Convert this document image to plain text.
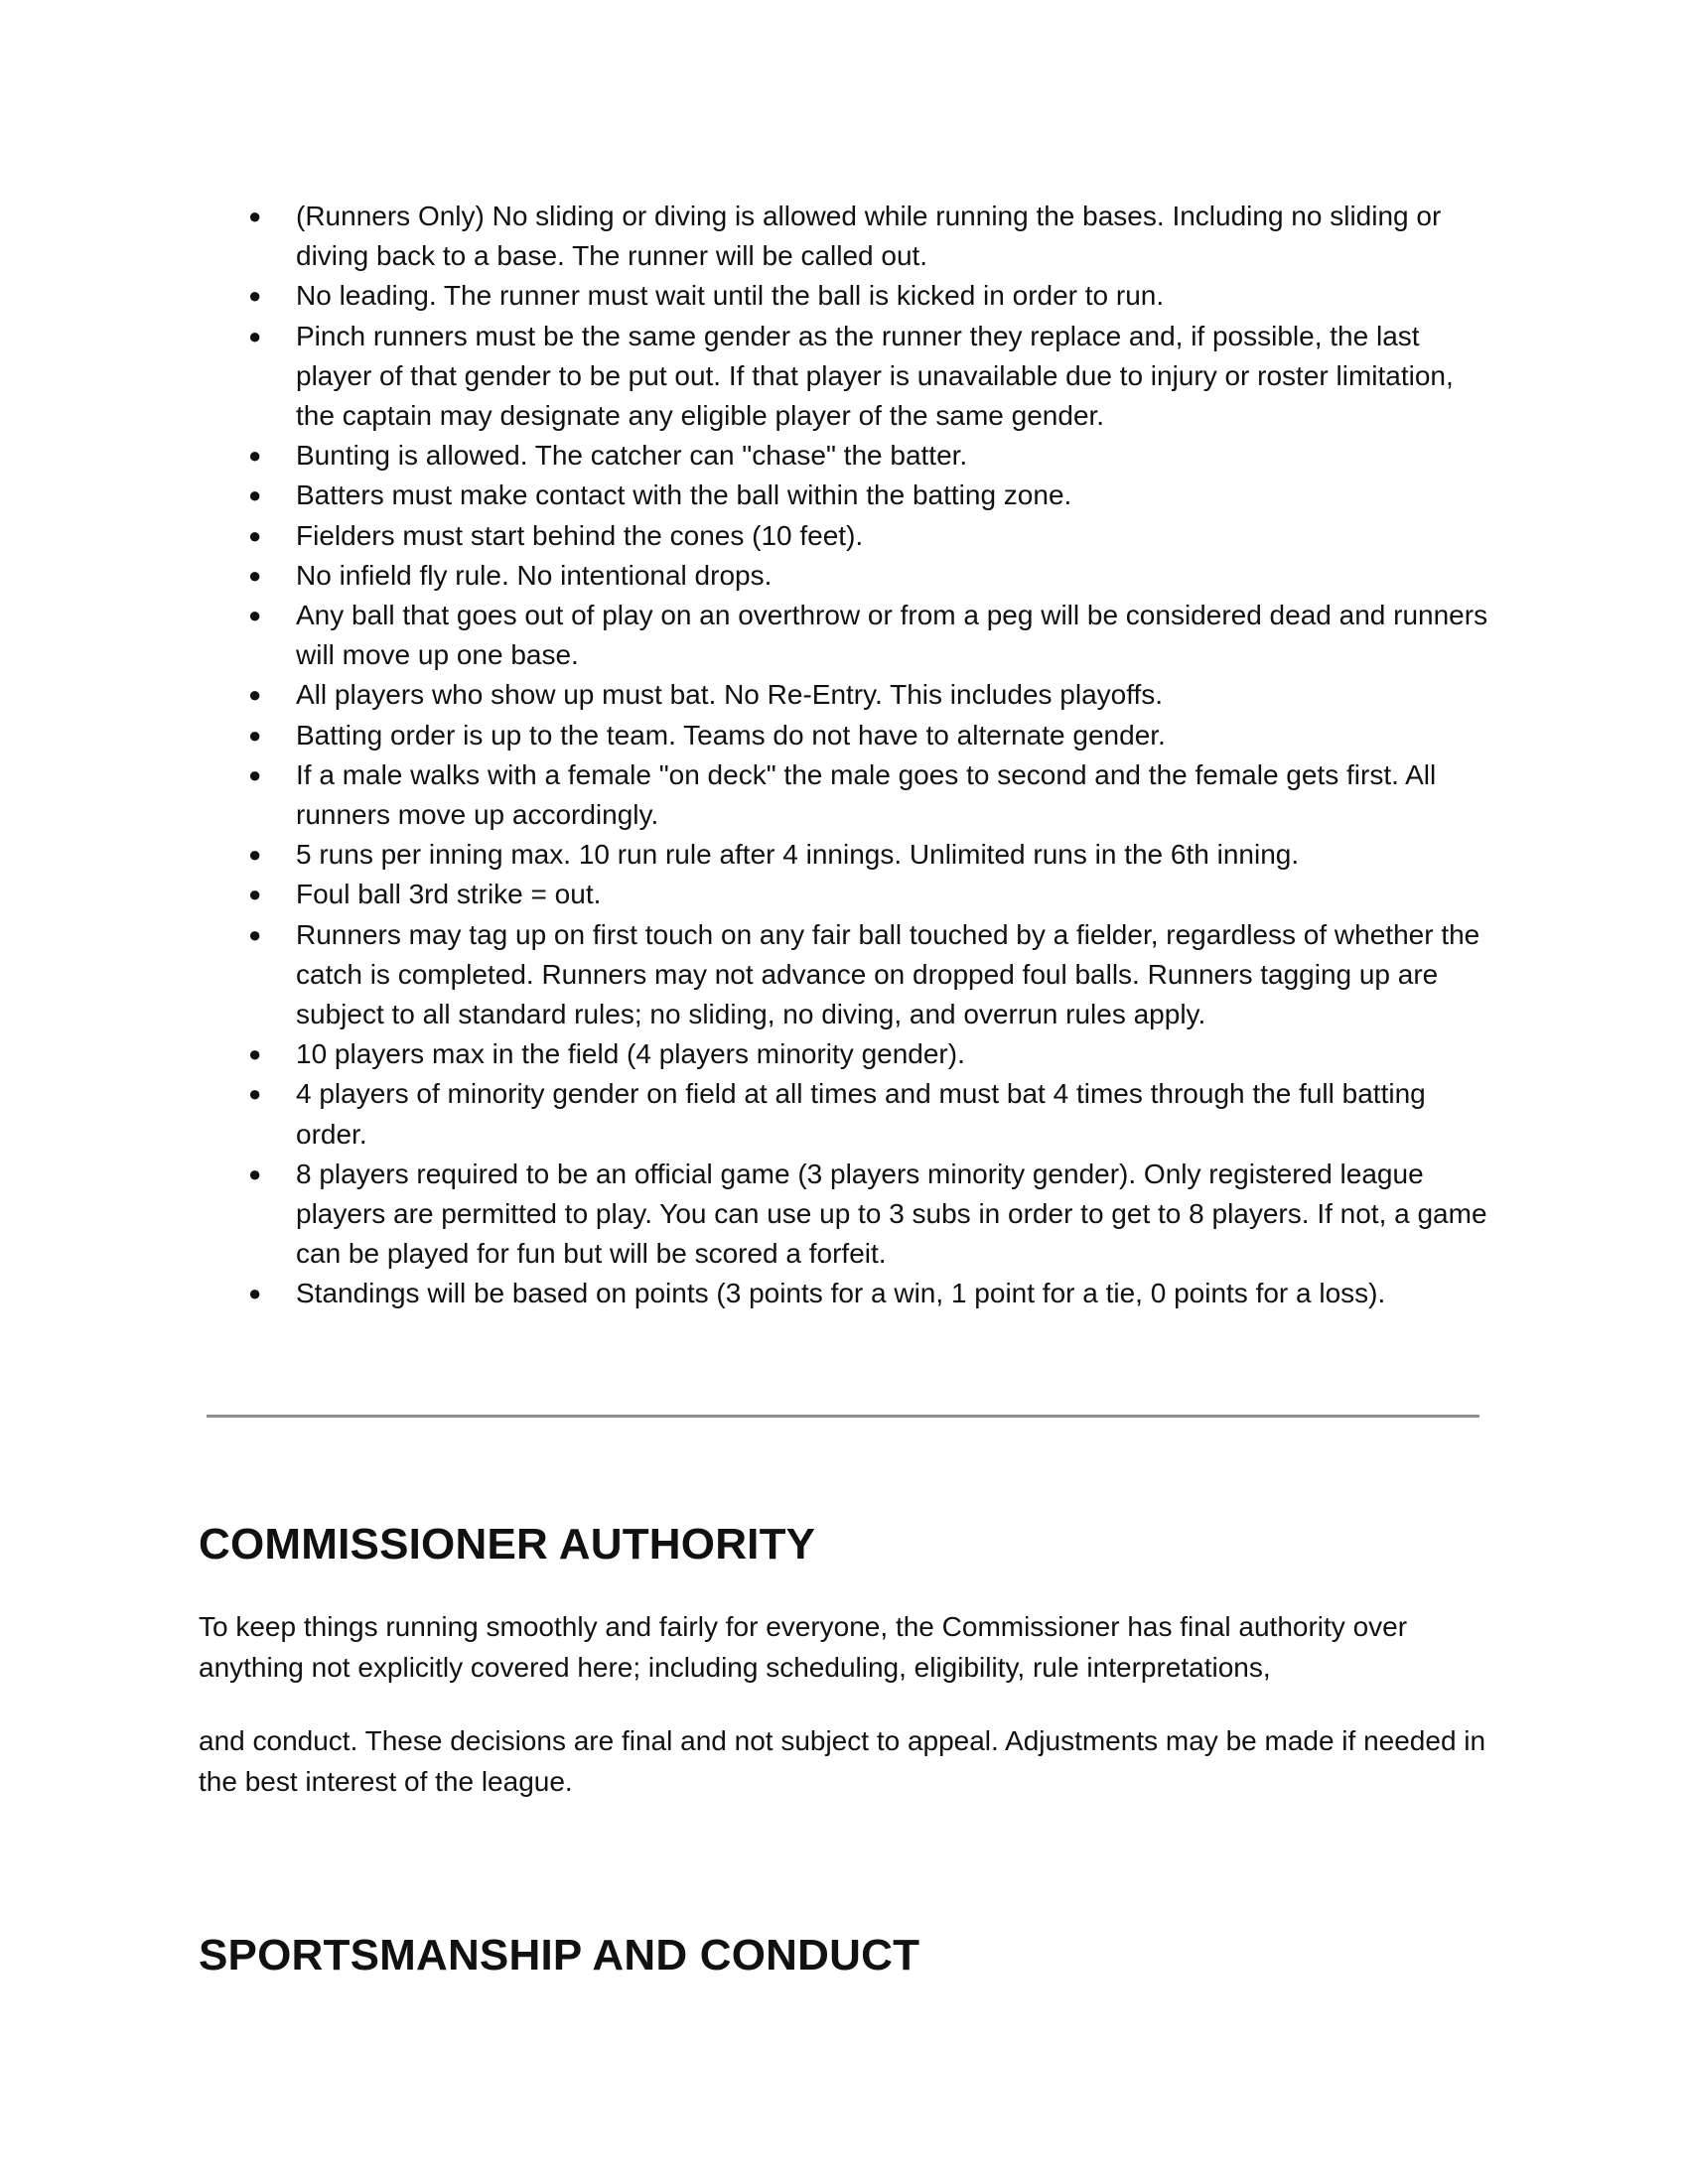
● (Runners Only) No sliding or diving is allowed while running the bases. Including no sliding or diving back to a base. The runner will be called out.
● No leading. The runner must wait until the ball is kicked in order to run.
● Pinch runners must be the same gender as the runner they replace and, if possible, the last player of that gender to be put out. If that player is unavailable due to injury or roster limitation, the captain may designate any eligible player of the same gender.
● Bunting is allowed. The catcher can "chase" the batter.
● Batters must make contact with the ball within the batting zone.
● Fielders must start behind the cones (10 feet).
● No infield fly rule. No intentional drops.
● Any ball that goes out of play on an overthrow or from a peg will be considered dead and runners will move up one base.
● All players who show up must bat. No Re-Entry. This includes playoffs.
● Batting order is up to the team. Teams do not have to alternate gender.
● If a male walks with a female "on deck" the male goes to second and the female gets first. All runners move up accordingly.
● 5 runs per inning max. 10 run rule after 4 innings. Unlimited runs in the 6th inning.
● Foul ball 3rd strike = out.
● Runners may tag up on first touch on any fair ball touched by a fielder, regardless of whether the catch is completed. Runners may not advance on dropped foul balls. Runners tagging up are subject to all standard rules; no sliding, no diving, and overrun rules apply.
● 10 players max in the field (4 players minority gender).
● 4 players of minority gender on field at all times and must bat 4 times through the full batting order.
● 8 players required to be an official game (3 players minority gender). Only registered league players are permitted to play. You can use up to 3 subs in order to get to 8 players. If not, a game can be played for fun but will be scored a forfeit.
● Standings will be based on points (3 points for a win, 1 point for a tie, 0 points for a loss).
COMMISSIONER AUTHORITY

To keep things running smoothly and fairly for everyone, the Commissioner has final authority over anything not explicitly covered here; including scheduling, eligibility, rule interpretations,

and conduct. These decisions are final and not subject to appeal. Adjustments may be made if needed in the best interest of the league.

SPORTSMANSHIP AND CONDUCT
